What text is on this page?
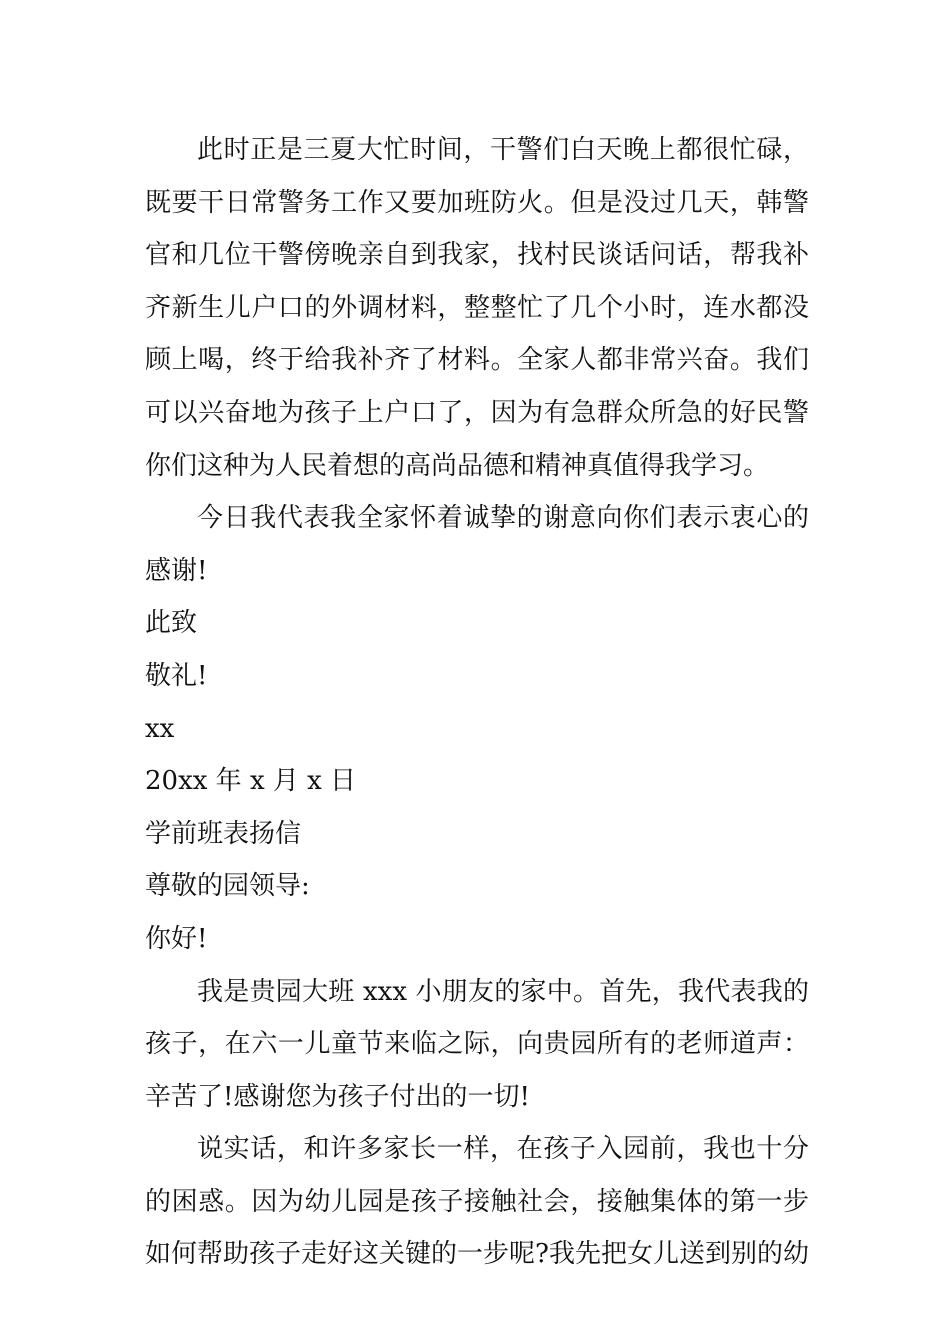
此时正是三夏大忙时间，干警们白天晚上都很忙碌，既要干日常警务工作又要加班防火。但是没过几天，韩警官和几位干警傍晚亲自到我家，找村民谈话问话，帮我补齐新生儿户口的外调材料，整整忙了几个小时，连水都没顾上喝，终于给我补齐了材料。全家人都非常兴奋。我们可以兴奋地为孩子上户口了，因为有急群众所急的好民警你们这种为人民着想的高尚品德和精神真值得我学习。

今日我代表我全家怀着诚挚的谢意向你们表示衷心的感谢!

此致

敬礼!

xx

20xx 年 x 月 x 日

学前班表扬信

尊敬的园领导:

你好!

我是贵园大班 xxx 小朋友的家中。首先，我代表我的孩子，在六一儿童节来临之际，向贵园所有的老师道声：辛苦了!感谢您为孩子付出的一切!

说实话，和许多家长一样，在孩子入园前，我也十分的困惑。因为幼儿园是孩子接触社会，接触集体的第一步如何帮助孩子走好这关键的一步呢?我先把女儿送到别的幼
